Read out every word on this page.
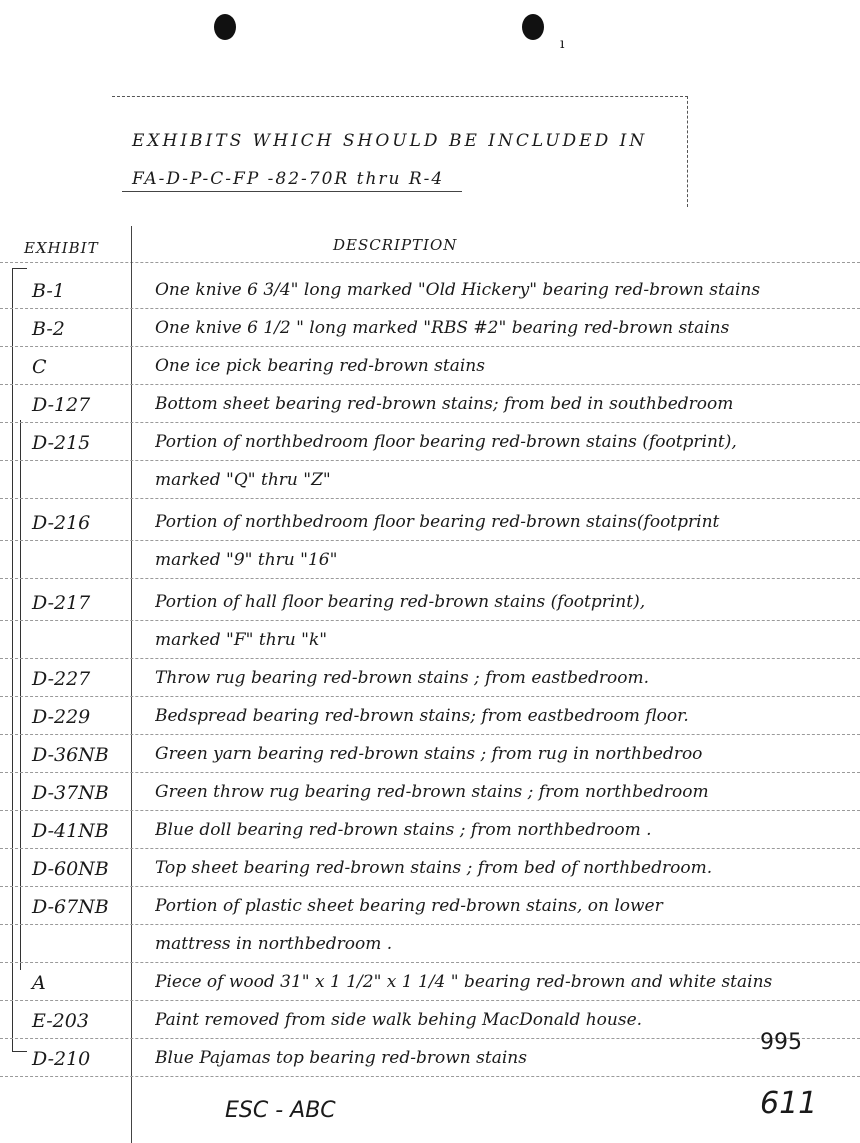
ı
EXHIBITS WHICH SHOULD BE INCLUDED IN
FA-D-P-C-FP -82-70R thru R-4
EXHIBIT	DESCRIPTION
B-1	One knive 6 3/4" long marked "Old Hickery" bearing red-brown stains
B-2	One knive 6 1/2 " long marked "RBS #2" bearing red-brown stains
C	One ice pick bearing red-brown stains
D-127	Bottom sheet bearing red-brown stains; from bed in southbedroom
D-215	Portion of northbedroom floor bearing red-brown stains (footprint),
marked "Q" thru "Z"
D-216	Portion of northbedroom floor bearing red-brown stains(footprint
marked "9" thru "16"
D-217	Portion of hall floor bearing red-brown stains (footprint),
marked "F" thru "k"
D-227	Throw rug bearing red-brown stains ; from eastbedroom.
D-229	Bedspread bearing red-brown stains; from eastbedroom floor.
D-36NB	Green yarn bearing red-brown stains ; from rug in northbedroo
D-37NB	Green throw rug bearing red-brown stains ; from northbedroom
D-41NB	Blue doll bearing red-brown stains ; from northbedroom .
D-60NB	Top sheet bearing red-brown stains ; from bed of northbedroom.
D-67NB	Portion of plastic sheet bearing red-brown stains, on lower
mattress in northbedroom .
A	Piece of wood 31" x 1 1/2" x 1 1/4 " bearing red-brown and white stains
E-203	Paint removed from side walk behing MacDonald house.
D-210	Blue Pajamas top bearing red-brown stains
995
ESC - ABC	611
